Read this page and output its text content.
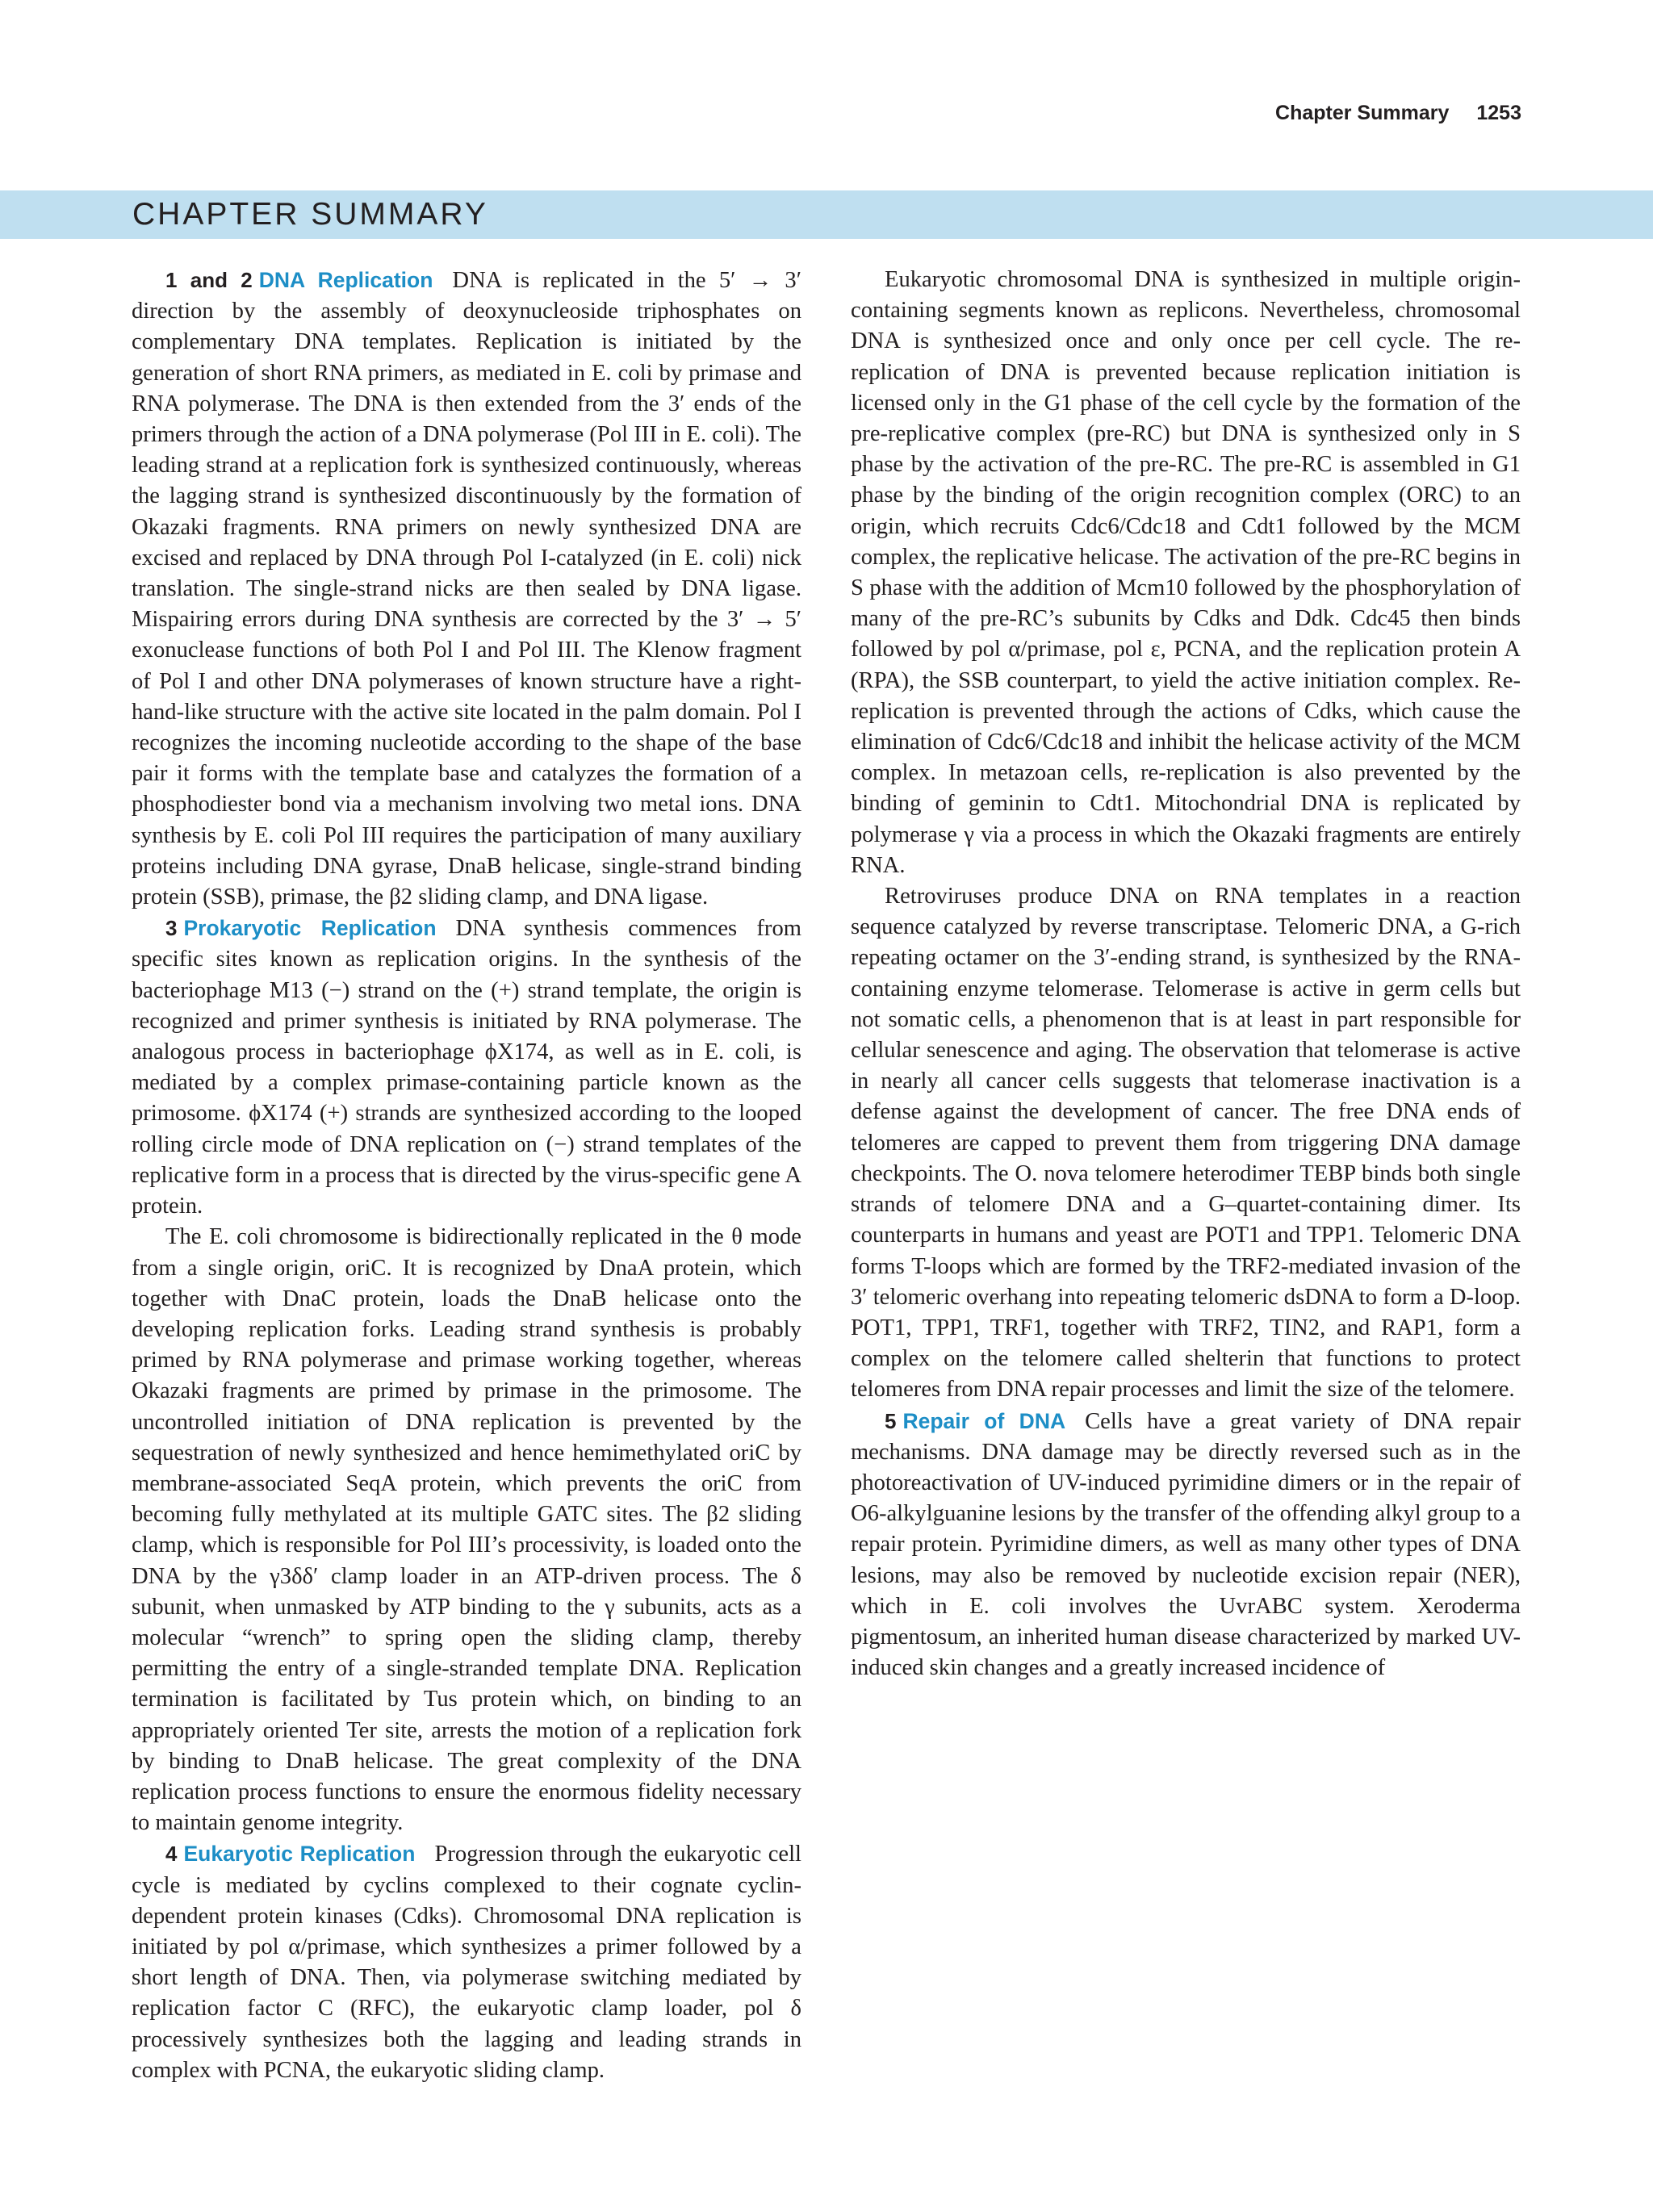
Chapter Summary 1253
CHAPTER SUMMARY

1 and 2 DNA Replication DNA is replicated in the 5′ → 3′ direction by the assembly of deoxynucleoside triphosphates on complementary DNA templates. Replication is initiated by the generation of short RNA primers, as mediated in E. coli by primase and RNA polymerase. The DNA is then extended from the 3′ ends of the primers through the action of a DNA polymerase (Pol III in E. coli). The leading strand at a replication fork is synthesized continuously, whereas the lagging strand is synthesized discontinuously by the formation of Okazaki fragments. RNA primers on newly synthesized DNA are excised and replaced by DNA through Pol I-catalyzed (in E. coli) nick translation. The single-strand nicks are then sealed by DNA ligase. Mispairing errors during DNA synthesis are corrected by the 3′ → 5′ exonuclease functions of both Pol I and Pol III. The Klenow fragment of Pol I and other DNA polymerases of known structure have a right-hand-like structure with the active site located in the palm domain. Pol I recognizes the incoming nucleotide according to the shape of the base pair it forms with the template base and catalyzes the formation of a phosphodiester bond via a mechanism involving two metal ions. DNA synthesis by E. coli Pol III requires the participation of many auxiliary proteins including DNA gyrase, DnaB helicase, single-strand binding protein (SSB), primase, the β2 sliding clamp, and DNA ligase.

3 Prokaryotic Replication DNA synthesis commences from specific sites known as replication origins. In the synthesis of the bacteriophage M13 (−) strand on the (+) strand template, the origin is recognized and primer synthesis is initiated by RNA polymerase. The analogous process in bacteriophage ϕX174, as well as in E. coli, is mediated by a complex primase-containing particle known as the primosome. ϕX174 (+) strands are synthesized according to the looped rolling circle mode of DNA replication on (−) strand templates of the replicative form in a process that is directed by the virus-specific gene A protein.

The E. coli chromosome is bidirectionally replicated in the θ mode from a single origin, oriC. It is recognized by DnaA protein, which together with DnaC protein, loads the DnaB helicase onto the developing replication forks. Leading strand synthesis is probably primed by RNA polymerase and primase working together, whereas Okazaki fragments are primed by primase in the primosome. The uncontrolled initiation of DNA replication is prevented by the sequestration of newly synthesized and hence hemimethylated oriC by membrane-associated SeqA protein, which prevents the oriC from becoming fully methylated at its multiple GATC sites. The β2 sliding clamp, which is responsible for Pol III’s processivity, is loaded onto the DNA by the γ3δδ′ clamp loader in an ATP-driven process. The δ subunit, when unmasked by ATP binding to the γ subunits, acts as a molecular “wrench” to spring open the sliding clamp, thereby permitting the entry of a single-stranded template DNA. Replication termination is facilitated by Tus protein which, on binding to an appropriately oriented Ter site, arrests the motion of a replication fork by binding to DnaB helicase. The great complexity of the DNA replication process functions to ensure the enormous fidelity necessary to maintain genome integrity.

4 Eukaryotic Replication Progression through the eukaryotic cell cycle is mediated by cyclins complexed to their cognate cyclin-dependent protein kinases (Cdks). Chromosomal DNA replication is initiated by pol α/primase, which synthesizes a primer followed by a short length of DNA. Then, via polymerase switching mediated by replication factor C (RFC), the eukaryotic clamp loader, pol δ processively synthesizes both the lagging and leading strands in complex with PCNA, the eukaryotic sliding clamp.

Eukaryotic chromosomal DNA is synthesized in multiple origin-containing segments known as replicons. Nevertheless, chromosomal DNA is synthesized once and only once per cell cycle. The re-replication of DNA is prevented because replication initiation is licensed only in the G1 phase of the cell cycle by the formation of the pre-replicative complex (pre-RC) but DNA is synthesized only in S phase by the activation of the pre-RC. The pre-RC is assembled in G1 phase by the binding of the origin recognition complex (ORC) to an origin, which recruits Cdc6/Cdc18 and Cdt1 followed by the MCM complex, the replicative helicase. The activation of the pre-RC begins in S phase with the addition of Mcm10 followed by the phosphorylation of many of the pre-RC’s subunits by Cdks and Ddk. Cdc45 then binds followed by pol α/primase, pol ε, PCNA, and the replication protein A (RPA), the SSB counterpart, to yield the active initiation complex. Re-replication is prevented through the actions of Cdks, which cause the elimination of Cdc6/Cdc18 and inhibit the helicase activity of the MCM complex. In metazoan cells, re-replication is also prevented by the binding of geminin to Cdt1. Mitochondrial DNA is replicated by polymerase γ via a process in which the Okazaki fragments are entirely RNA.

Retroviruses produce DNA on RNA templates in a reaction sequence catalyzed by reverse transcriptase. Telomeric DNA, a G-rich repeating octamer on the 3′-ending strand, is synthesized by the RNA-containing enzyme telomerase. Telomerase is active in germ cells but not somatic cells, a phenomenon that is at least in part responsible for cellular senescence and aging. The observation that telomerase is active in nearly all cancer cells suggests that telomerase inactivation is a defense against the development of cancer. The free DNA ends of telomeres are capped to prevent them from triggering DNA damage checkpoints. The O. nova telomere heterodimer TEBP binds both single strands of telomere DNA and a G–quartet-containing dimer. Its counterparts in humans and yeast are POT1 and TPP1. Telomeric DNA forms T-loops which are formed by the TRF2-mediated invasion of the 3′ telomeric overhang into repeating telomeric dsDNA to form a D-loop. POT1, TPP1, TRF1, together with TRF2, TIN2, and RAP1, form a complex on the telomere called shelterin that functions to protect telomeres from DNA repair processes and limit the size of the telomere.

5 Repair of DNA Cells have a great variety of DNA repair mechanisms. DNA damage may be directly reversed such as in the photoreactivation of UV-induced pyrimidine dimers or in the repair of O6-alkylguanine lesions by the transfer of the offending alkyl group to a repair protein. Pyrimidine dimers, as well as many other types of DNA lesions, may also be removed by nucleotide excision repair (NER), which in E. coli involves the UvrABC system. Xeroderma pigmentosum, an inherited human disease characterized by marked UV-induced skin changes and a greatly increased incidence of
